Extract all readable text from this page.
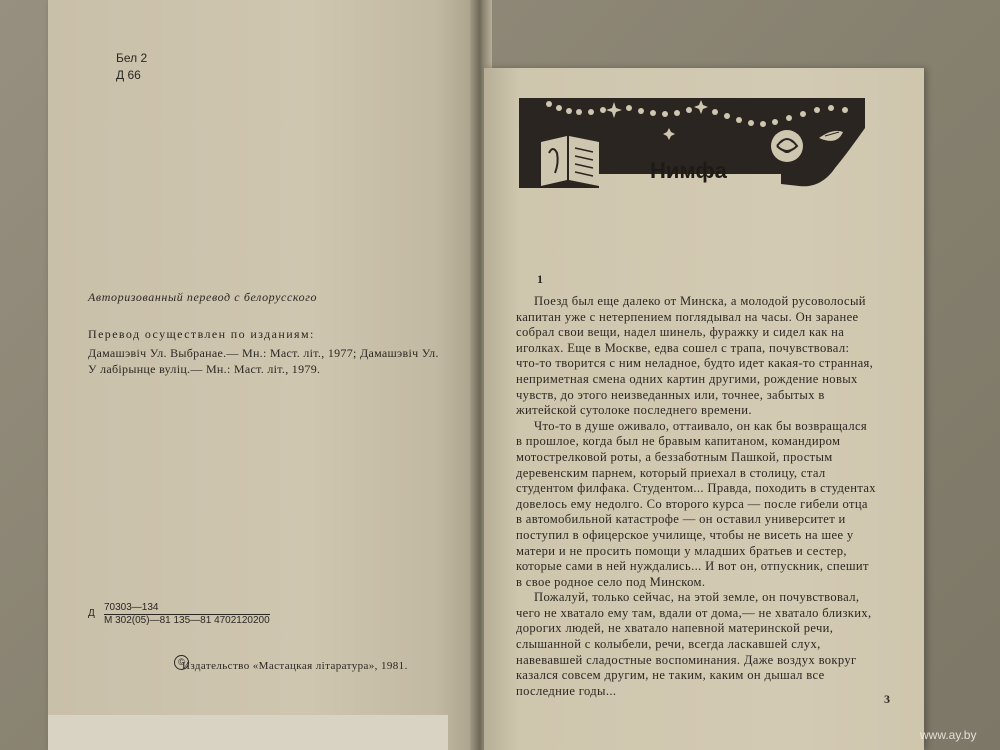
Бел 2
Д 66
Авторизованный перевод с белорусского
Перевод осуществлен по изданиям:
Дамашэвіч Ул. Выбранае.— Мн.: Маст. літ., 1977; Дамашэвіч Ул.
У лабірынце вуліц.— Мн.: Маст. літ., 1979.
Д
70303—134
М 302(05)—81 135—81 4702120200
©
Издательство «Мастацкая літаратура», 1981.
Нимфа
1

Поезд был еще далеко от Минска, а молодой русоволосый капитан уже с нетерпением поглядывал на часы. Он заранее собрал свои вещи, надел шинель, фуражку и сидел как на иголках. Еще в Москве, едва сошел с трапа, почувствовал: что-то творится с ним неладное, будто идет какая-то странная, неприметная смена одних картин другими, рождение новых чувств, до этого неизведанных или, точнее, забытых в житейской сутолоке последнего времени.

Что-то в душе оживало, оттаивало, он как бы возвращался в прошлое, когда был не бравым капитаном, командиром мотострелковой роты, а беззаботным Пашкой, простым деревенским парнем, который приехал в столицу, стал студентом филфака. Студентом... Правда, походить в студентах довелось ему недолго. Со второго курса — после гибели отца в автомобильной катастрофе — он оставил университет и поступил в офицерское училище, чтобы не висеть на шее у матери и не просить помощи у младших братьев и сестер, которые сами в ней нуждались... И вот он, отпускник, спешит в свое родное село под Минском.

Пожалуй, только сейчас, на этой земле, он почувствовал, чего не хватало ему там, вдали от дома,— не хватало близких, дорогих людей, не хватало напевной материнской речи, слышанной с колыбели, речи, всегда ласкавшей слух, навевавшей сладостные воспоминания. Даже воздух вокруг казался совсем другим, не таким, каким он дышал все последние годы...

3
www.ay.by
